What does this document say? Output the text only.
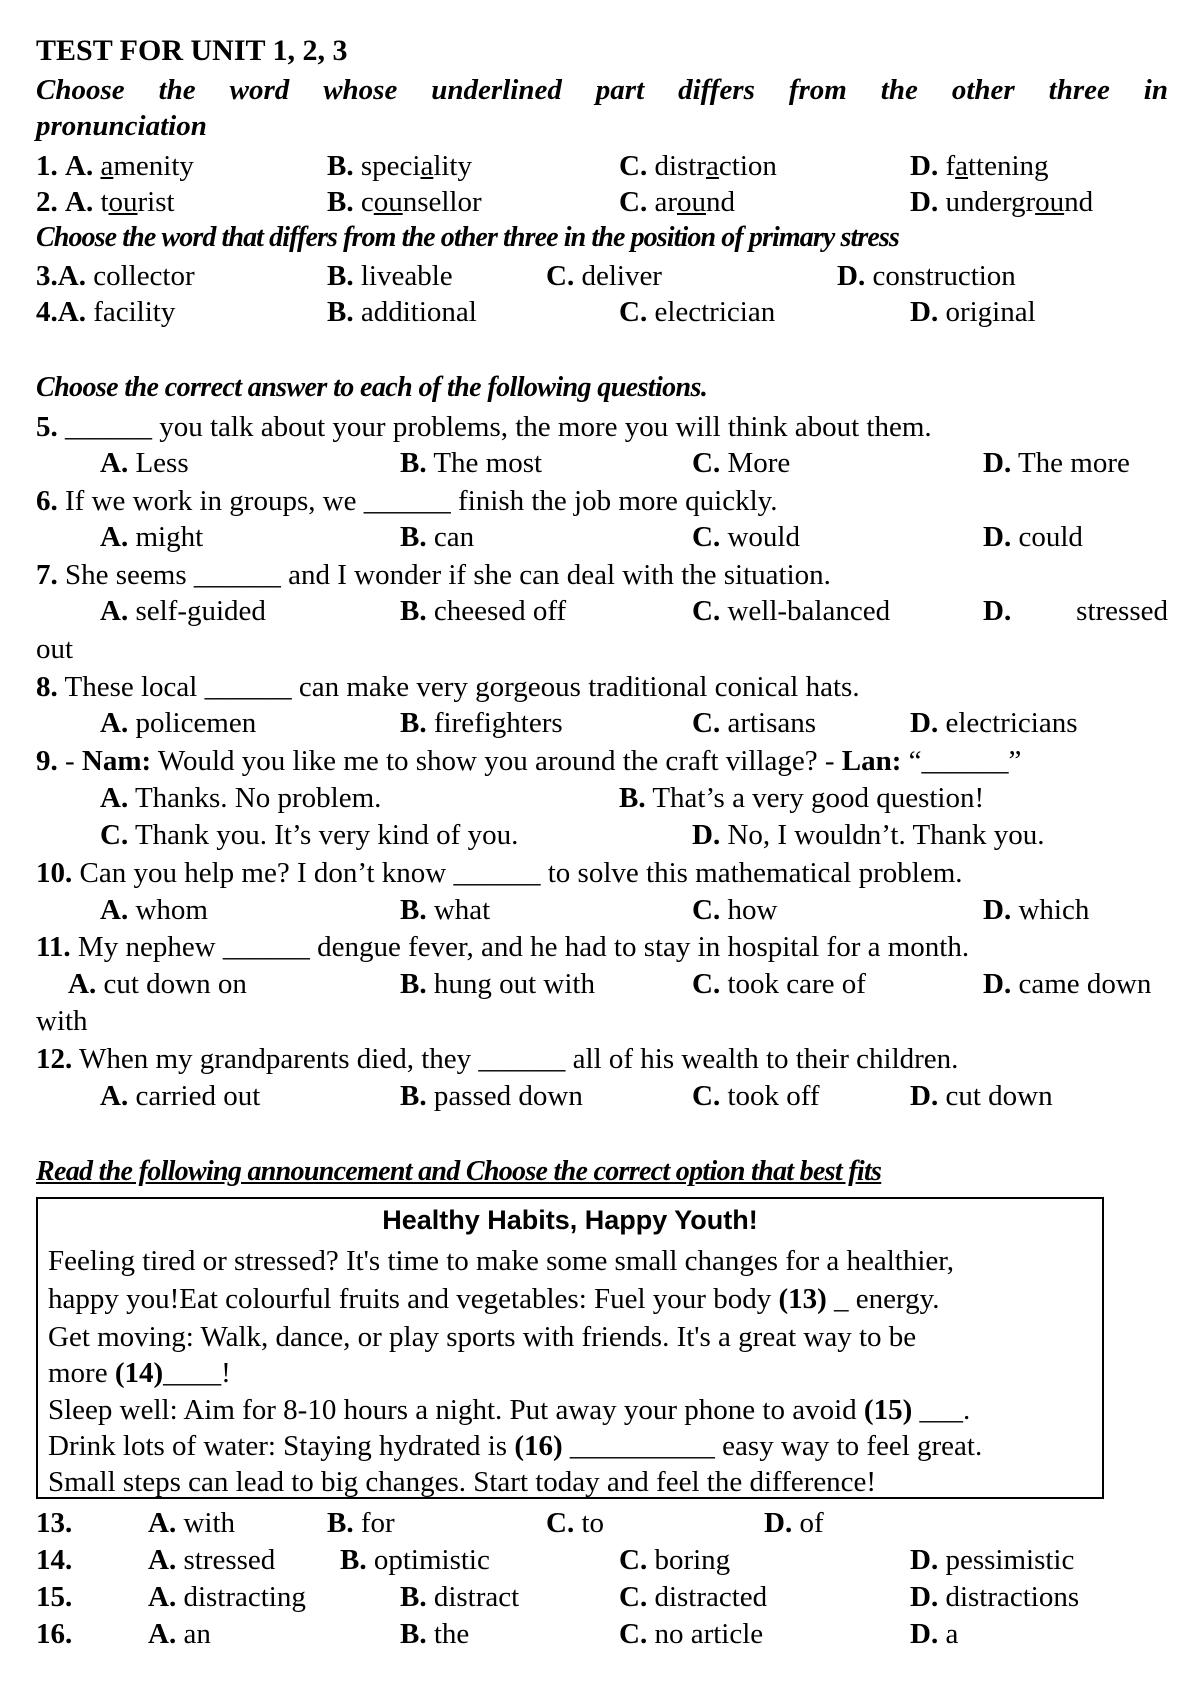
TEST FOR UNIT 1, 2, 3
Choose the word whose underlined part differs from the other three in

pronunciation
1. A. amenity	B. speciality	C. distraction	D. fattening
2. A. tourist	B. counsellor	C. around	D. underground
Choose the word that differs from the other three in the position of primary stress
3.A. collector	B. liveable	C. deliver	D. construction
4.A. facility	B. additional	C. electrician	D. original
Choose the correct answer to each of the following questions.
5. ______ you talk about your problems, the more you will think about them.
A. Less	B. The most	C. More	D. The more
6. If we work in groups, we ______ finish the job more quickly.
A. might	B. can	C. would	D. could
7. She seems ______ and I wonder if she can deal with the situation.
A. self-guided	B. cheesed off	C. well-balanced	D. stressed
out
8. These local ______ can make very gorgeous traditional conical hats.
A. policemen	B. firefighters	C. artisans	D. electricians
9. - Nam: Would you like me to show you around the craft village? - Lan: “______”
A. Thanks. No problem.	B. That’s a very good question!
C. Thank you. It’s very kind of you.	D. No, I wouldn’t. Thank you.
10. Can you help me? I don’t know ______ to solve this mathematical problem.
A. whom	B. what	C. how	D. which
11. My nephew ______ dengue fever, and he had to stay in hospital for a month.
A. cut down on	B. hung out with	C. took care of	D. came down
with
12. When my grandparents died, they ______ all of his wealth to their children.
A. carried out	B. passed down	C. took off	D. cut down
Read the following announcement and Choose the correct option that best fits
Healthy Habits, Happy Youth!
Feeling tired or stressed? It's time to make some small changes for a healthier,
happy you!Eat colourful fruits and vegetables: Fuel your body (13) _ energy.
Get moving: Walk, dance, or play sports with friends. It's a great way to be
more (14)____!
Sleep well: Aim for 8-10 hours a night. Put away your phone to avoid (15) ___.
Drink lots of water: Staying hydrated is (16) __________ easy way to feel great.
Small steps can lead to big changes. Start today and feel the difference!
13.	A. with	B. for	C. to	D. of
14.	A. stressed B. optimistic	C. boring	D. pessimistic
15.	A. distracting	B. distract	C. distracted	D. distractions
16.	A. an	B. the	C. no article	D. a
